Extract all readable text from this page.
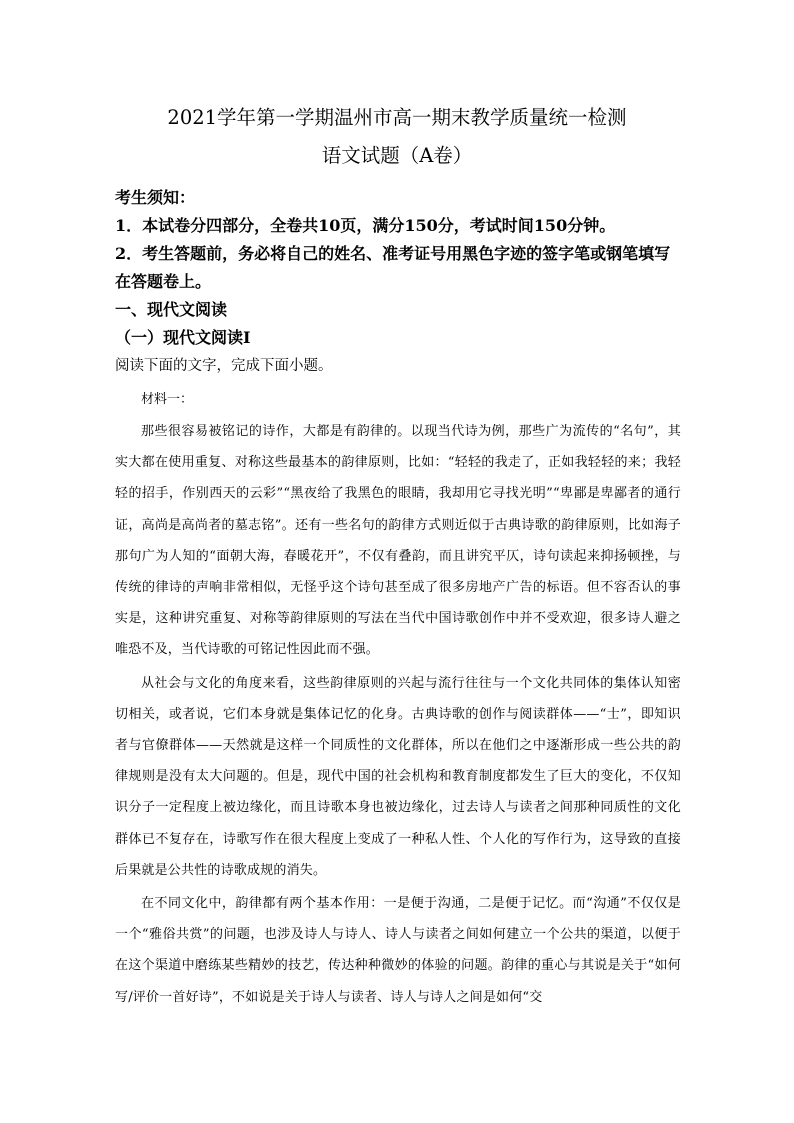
2021学年第一学期温州市高一期末教学质量统一检测
语文试题（A卷）

考生须知：

1．本试卷分四部分，全卷共10页，满分150分，考试时间150分钟。

2．考生答题前，务必将自己的姓名、准考证号用黑色字迹的签字笔或钢笔填写在答题卷上。

一、现代文阅读

（一）现代文阅读Ⅰ

阅读下面的文字，完成下面小题。

材料一：

那些很容易被铭记的诗作，大都是有韵律的。以现当代诗为例，那些广为流传的“名句”，其实大都在使用重复、对称这些最基本的韵律原则，比如：“轻轻的我走了，正如我轻轻的来；我轻轻的招手，作别西天的云彩”“黑夜给了我黑色的眼睛，我却用它寻找光明”“卑鄙是卑鄙者的通行证，高尚是高尚者的墓志铭”。还有一些名句的韵律方式则近似于古典诗歌的韵律原则，比如海子那句广为人知的“面朝大海，春暖花开”，不仅有叠韵，而且讲究平仄，诗句读起来抑扬顿挫，与传统的律诗的声响非常相似，无怪乎这个诗句甚至成了很多房地产广告的标语。但不容否认的事实是，这种讲究重复、对称等韵律原则的写法在当代中国诗歌创作中并不受欢迎，很多诗人避之唯恐不及，当代诗歌的可铭记性因此而不强。

从社会与文化的角度来看，这些韵律原则的兴起与流行往往与一个文化共同体的集体认知密切相关，或者说，它们本身就是集体记忆的化身。古典诗歌的创作与阅读群体——“士”，即知识者与官僚群体——天然就是这样一个同质性的文化群体，所以在他们之中逐渐形成一些公共的韵律规则是没有太大问题的。但是，现代中国的社会机构和教育制度都发生了巨大的变化，不仅知识分子一定程度上被边缘化，而且诗歌本身也被边缘化，过去诗人与读者之间那种同质性的文化群体已不复存在，诗歌写作在很大程度上变成了一种私人性、个人化的写作行为，这导致的直接后果就是公共性的诗歌成规的消失。

在不同文化中，韵律都有两个基本作用：一是便于沟通，二是便于记忆。而“沟通”不仅仅是一个“雅俗共赏”的问题，也涉及诗人与诗人、诗人与读者之间如何建立一个公共的渠道，以便于在这个渠道中磨练某些精妙的技艺，传达种种微妙的体验的问题。韵律的重心与其说是关于“如何写/评价一首好诗”，不如说是关于诗人与读者、诗人与诗人之间是如何“交
